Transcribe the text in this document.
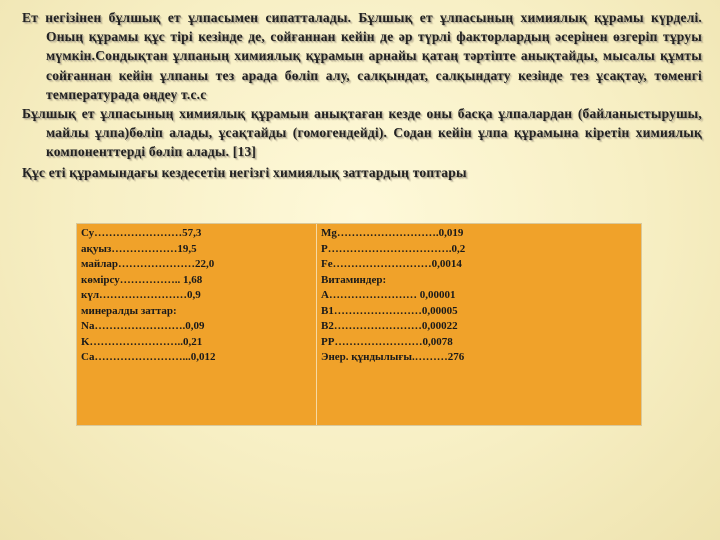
Ет негізінен бұлшық ет ұлпасымен сипатталады. Бұлшық ет ұлпасының химиялық құрамы күрделі. Оның құрамы құс тірі кезінде де, сойғаннан кейін де әр түрлі факторлардың әсерінен өзгеріп тұруы мүмкін.Сондықтан ұлпаның химиялық құрамын арнайы қатаң тәртіпте анықтайды, мысалы құмты сойғаннан кейін ұлпаны тез арада бөліп алу, салқындат, салқындату кезінде тез ұсақтау, төменгі температурада өңдеу т.с.с

Бұлшық ет ұлпасының химиялық құрамын анықтаған кезде оны басқа ұлпалардан (байланыстырушы, майлы ұлпа)бөліп алады, ұсақтайды (гомогендейді). Содан кейін ұлпа құрамына кіретін химиялық компоненттерді бөліп алады. [13]

Құс еті құрамындағы кездесетін негізгі химиялық заттардың топтары

Су……………………57,3
ақуыз………………19,5
майлар…………………22,0
көмірсу…………….. 1,68
күл……………………0,9
минералды заттар:
Na…………………….0,09
K……………………..0,21
Ca……………………...0,012
Mg……………………….0,019
P…………………………….0,2
Fe………………………0,0014
Витаминдер:
A…………………… 0,00001
B1……………………0,00005
B2……………………0,00022
PP……………………0,0078
Энер. құндылығы.………276
